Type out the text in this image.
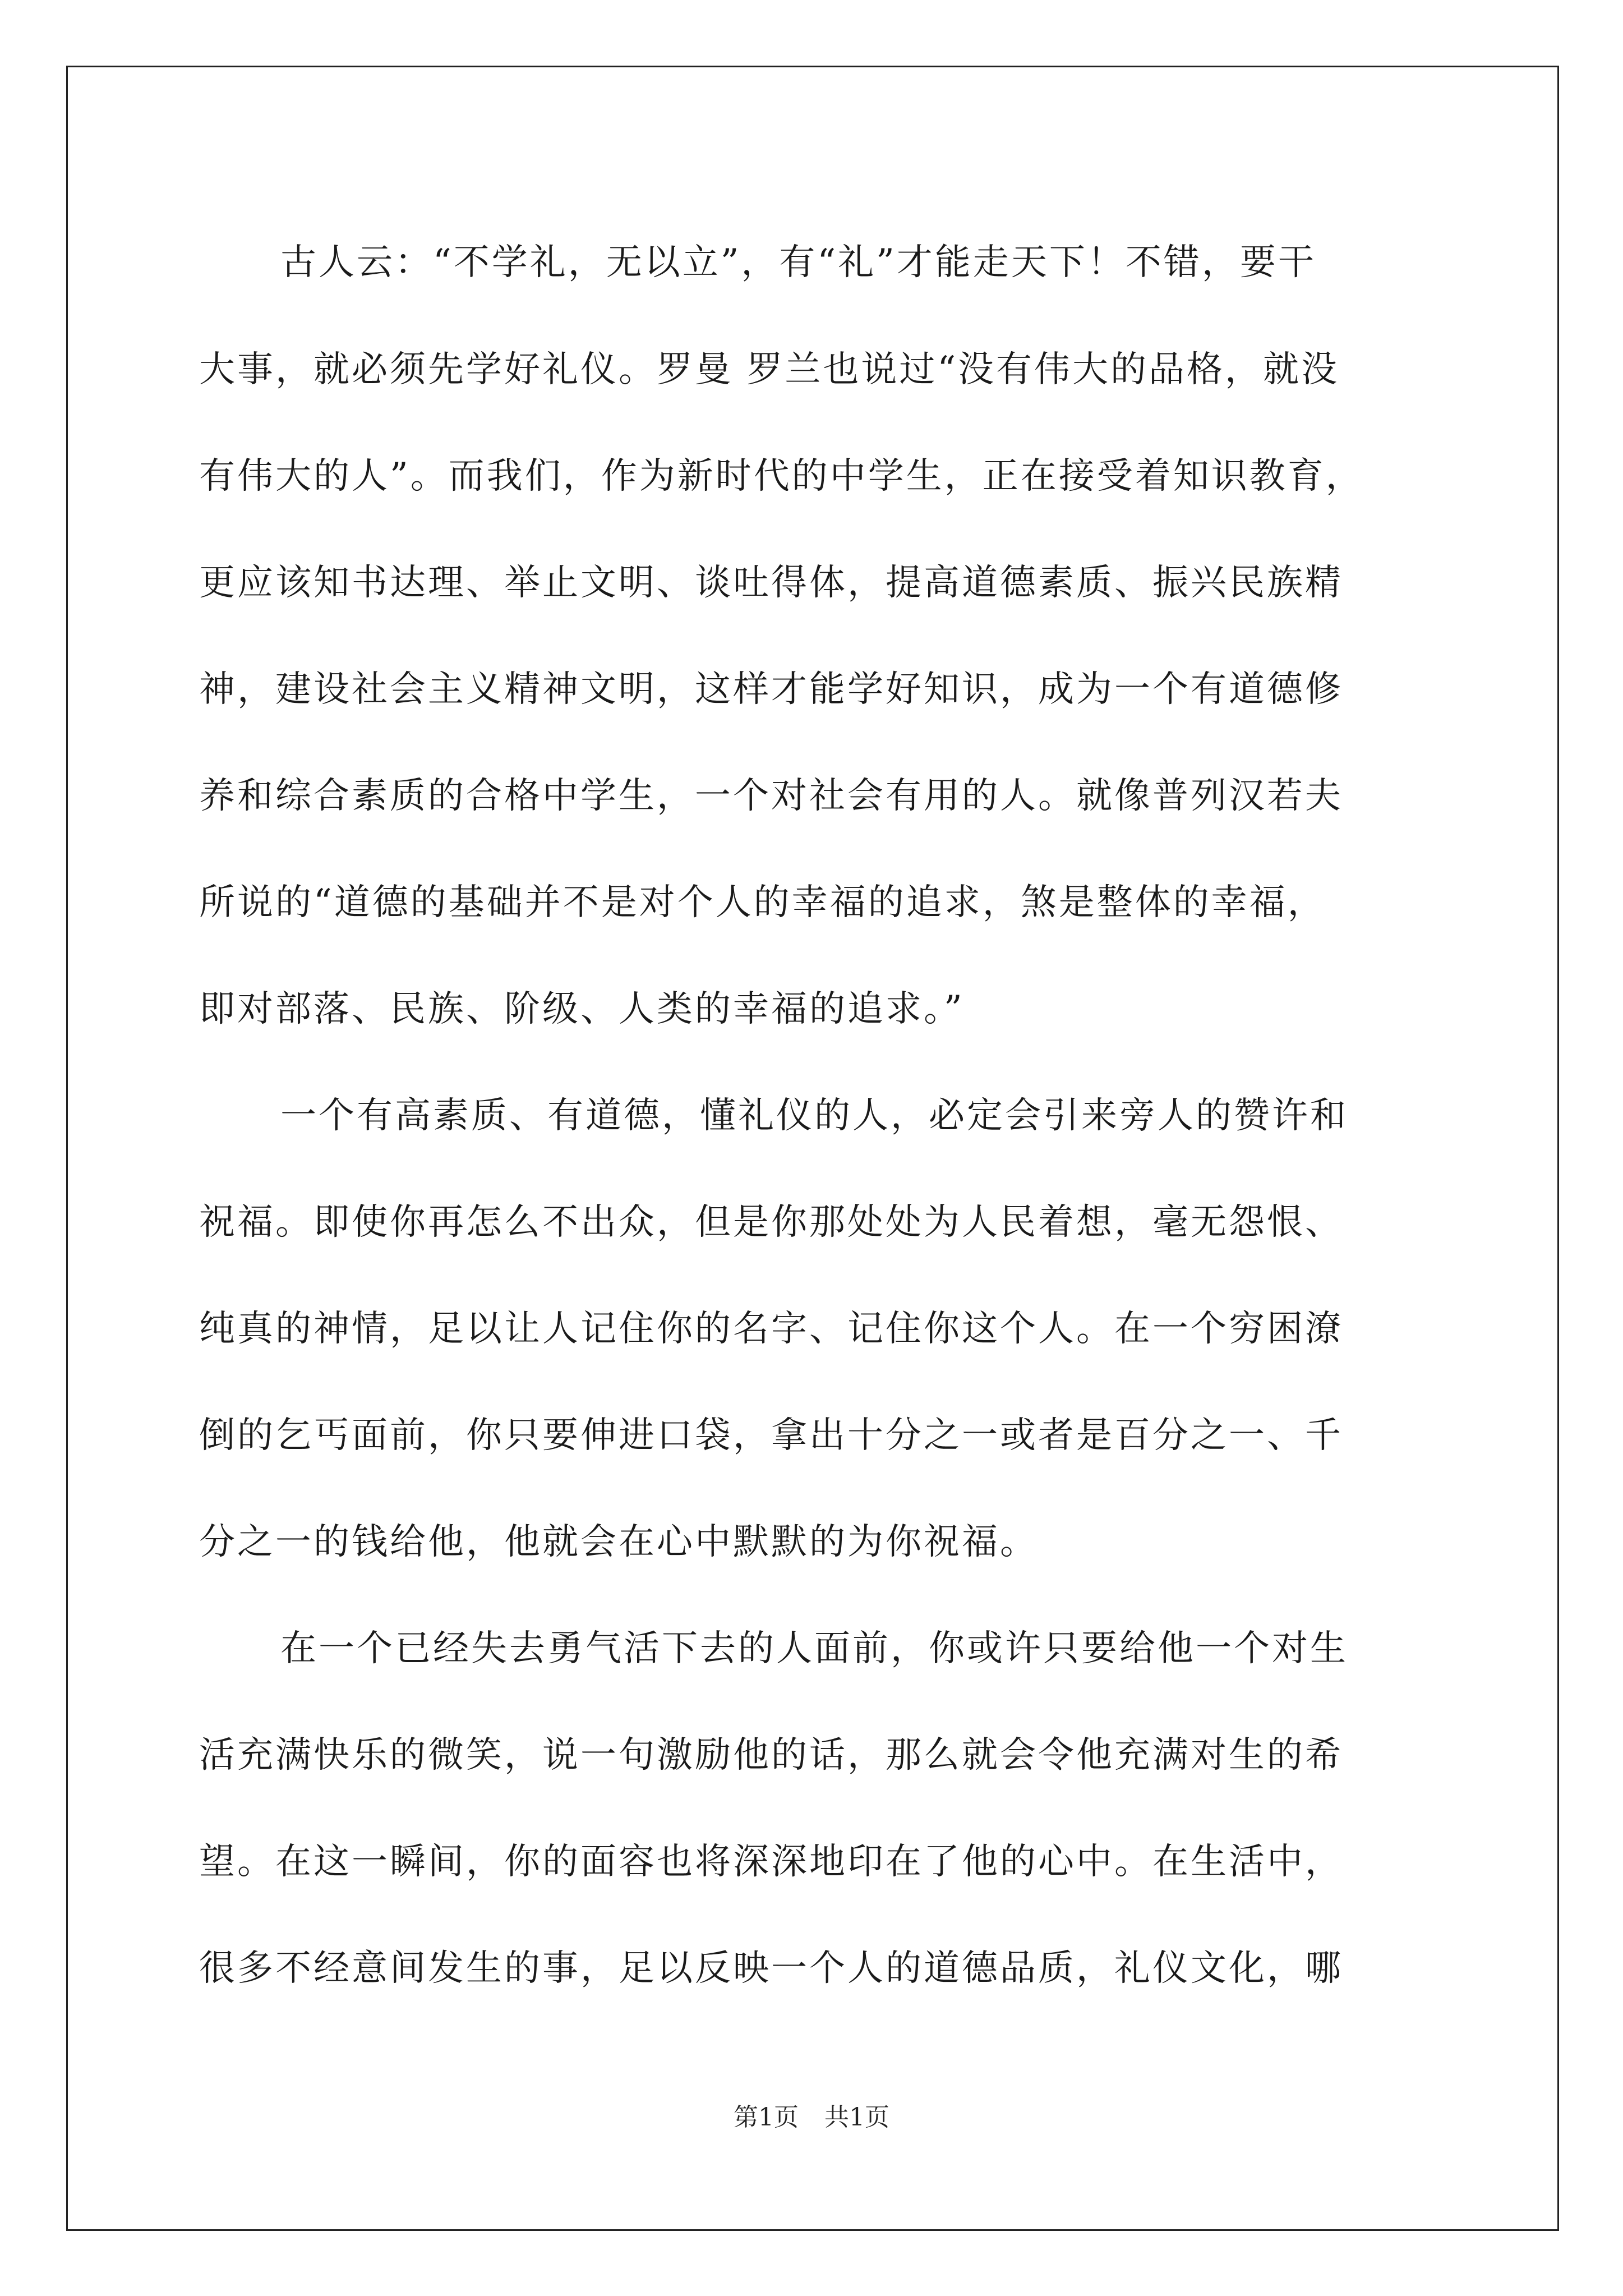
古人云：“不学礼，无以立”，有“礼”才能走天下！不错，要干
大事，就必须先学好礼仪。罗曼 罗兰也说过“没有伟大的品格，就没
有伟大的人”。而我们，作为新时代的中学生，正在接受着知识教育，
更应该知书达理、举止文明、谈吐得体，提高道德素质、振兴民族精
神，建设社会主义精神文明，这样才能学好知识，成为一个有道德修
养和综合素质的合格中学生，一个对社会有用的人。就像普列汉若夫
所说的“道德的基础并不是对个人的幸福的追求，煞是整体的幸福，
即对部落、民族、阶级、人类的幸福的追求。”
一个有高素质、有道德，懂礼仪的人，必定会引来旁人的赞许和
祝福。即使你再怎么不出众，但是你那处处为人民着想，毫无怨恨、
纯真的神情，足以让人记住你的名字、记住你这个人。在一个穷困潦
倒的乞丐面前，你只要伸进口袋，拿出十分之一或者是百分之一、千
分之一的钱给他，他就会在心中默默的为你祝福。
在一个已经失去勇气活下去的人面前，你或许只要给他一个对生
活充满快乐的微笑，说一句激励他的话，那么就会令他充满对生的希
望。在这一瞬间，你的面容也将深深地印在了他的心中。在生活中，
很多不经意间发生的事，足以反映一个人的道德品质，礼仪文化，哪
第1页 共1页
